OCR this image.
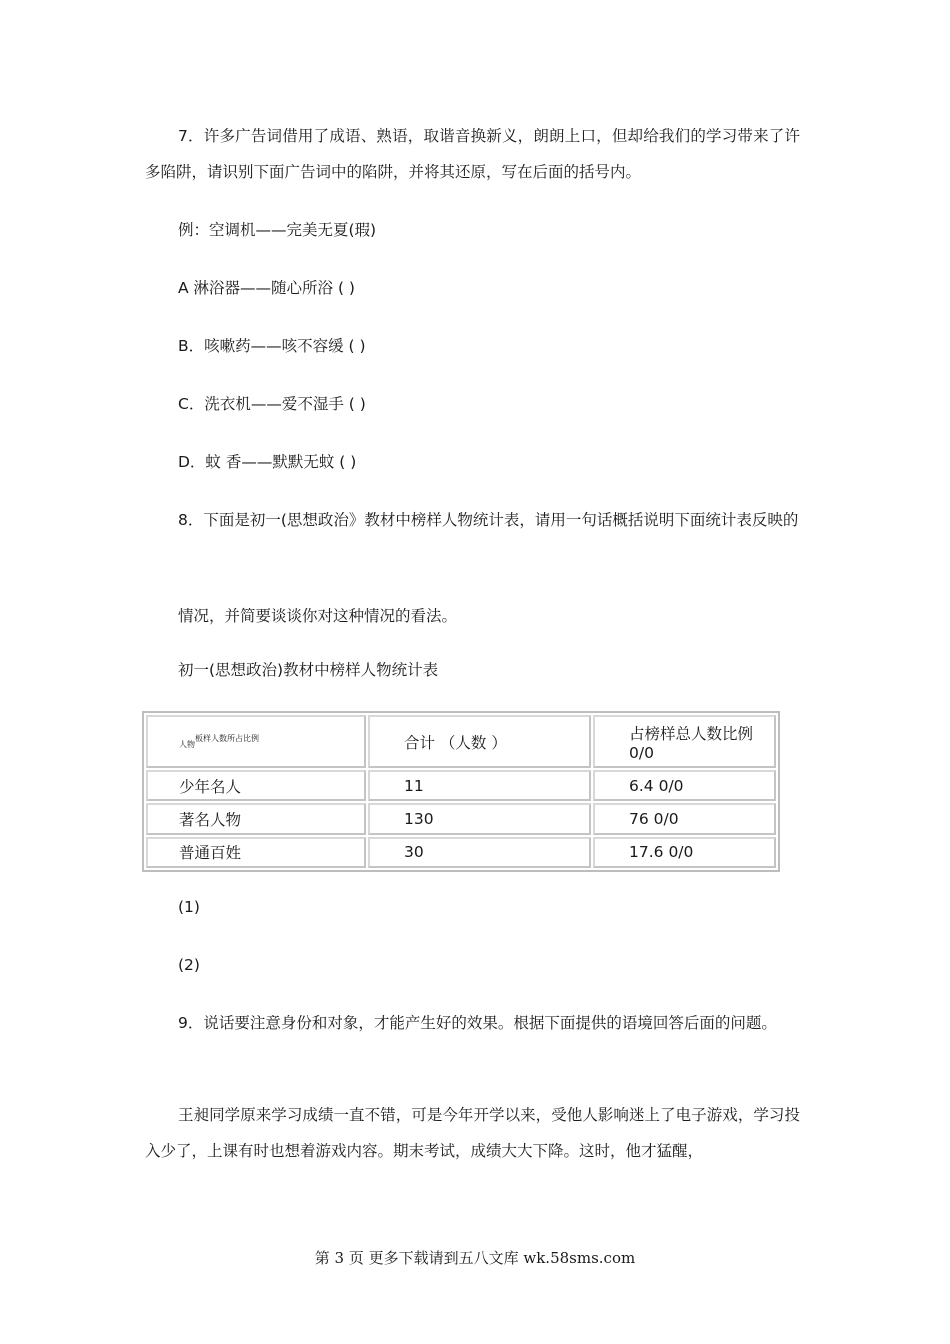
7．许多广告词借用了成语、熟语，取谐音换新义，朗朗上口，但却给我们的学习带来了许多陷阱，请识别下面广告词中的陷阱，并将其还原，写在后面的括号内。
例：空调机——完美无夏(瑕)
A 淋浴器——随心所浴 ( )
B．咳嗽药——咳不容缓 ( )
C．洗衣机——爱不湿手 ( )
D．蚊 香——默默无蚊 ( )
8．下面是初一(思想政治》教材中榜样人物统计表，请用一句话概括说明下面统计表反映的
情况，并简要谈谈你对这种情况的看法。
初一(思想政治)教材中榜样人物统计表
人物$^{板样人数所占比例}$	合计 （人数 ）	占榜样总人数比例 0/0
少年名人	11	6.4 0/0
著名人物	130	76 0/0
普通百姓	30	17.6 0/0
(1)
(2)
9．说话要注意身份和对象，才能产生好的效果。根据下面提供的语境回答后面的问题。
王昶同学原来学习成绩一直不错，可是今年开学以来，受他人影响迷上了电子游戏，学习投入少了，上课有时也想着游戏内容。期末考试，成绩大大下降。这时，他才猛醒，
第 3 页 更多下载请到五八文库 wk.58sms.com
